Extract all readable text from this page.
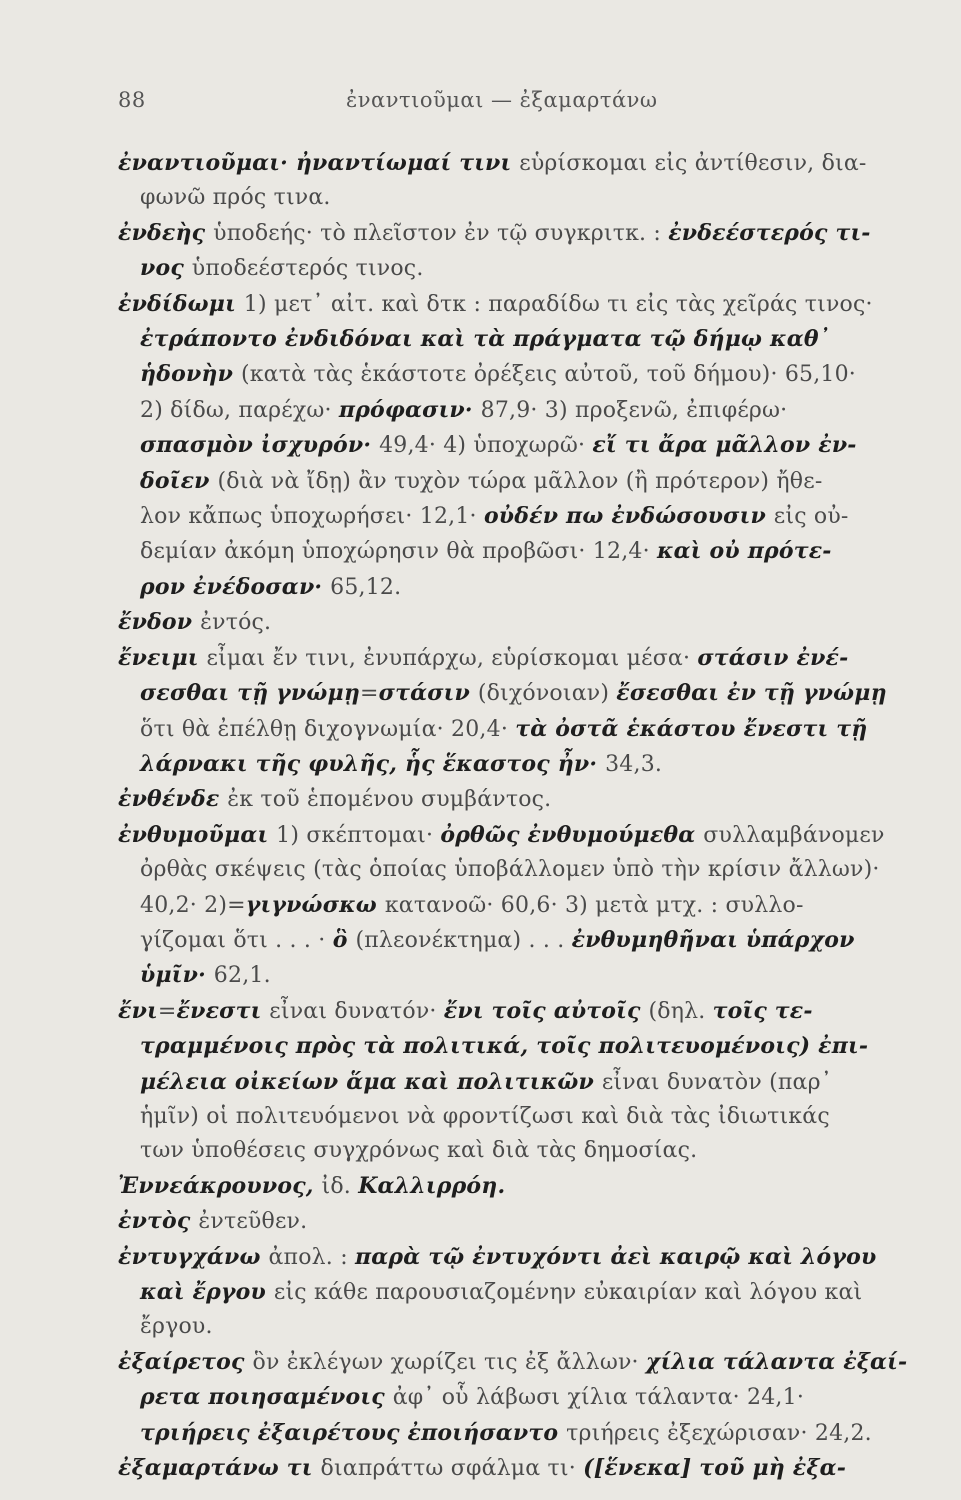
88	ἐναντιοῦμαι — ἐξαμαρτάνω
ἐναντιοῦμαι· ἠναντίωμαί τινι εὑρίσκομαι εἰς ἀντίθεσιν, δια-
φωνῶ πρός τινα.
ἐνδεὴς ὑποδεής· τὸ πλεῖστον ἐν τῷ συγκριτκ. : ἐνδεέστερός τι-
νος ὑποδεέστερός τινος.
ἐνδίδωμι 1) μετ᾽ αἰτ. καὶ δτκ : παραδίδω τι εἰς τὰς χεῖράς τινος·
ἐτράποντο ἐνδιδόναι καὶ τὰ πράγματα τῷ δήμῳ καθ᾽
ἡδονὴν (κατὰ τὰς ἑκάστοτε ὀρέξεις αὐτοῦ, τοῦ δήμου)· 65,10·
2) δίδω, παρέχω· πρόφασιν· 87,9· 3) προξενῶ, ἐπιφέρω·
σπασμὸν ἰσχυρόν· 49,4· 4) ὑποχωρῶ· εἴ τι ἄρα μᾶλλον ἐν-
δοῖεν (διὰ νὰ ἴδῃ) ἂν τυχὸν τώρα μᾶλλον (ἢ πρότερον) ἤθε-
λον κἄπως ὑποχωρήσει· 12,1· οὐδέν πω ἐνδώσουσιν εἰς οὐ-
δεμίαν ἀκόμη ὑποχώρησιν θὰ προβῶσι· 12,4· καὶ οὐ πρότε-
ρον ἐνέδοσαν· 65,12.
ἔνδον ἐντός.
ἔνειμι εἶμαι ἔν τινι, ἐνυπάρχω, εὑρίσκομαι μέσα· στάσιν ἐνέ-
σεσθαι τῇ γνώμῃ=στάσιν (διχόνοιαν) ἔσεσθαι ἐν τῇ γνώμῃ
ὅτι θὰ ἐπέλθῃ διχογνωμία· 20,4· τὰ ὀστᾶ ἑκάστου ἔνεστι τῇ
λάρνακι τῆς φυλῆς, ἧς ἕκαστος ἦν· 34,3.
ἐνθένδε ἐκ τοῦ ἑπομένου συμβάντος.
ἐνθυμοῦμαι 1) σκέπτομαι· ὀρθῶς ἐνθυμούμεθα συλλαμβάνομεν
ὀρθὰς σκέψεις (τὰς ὁποίας ὑποβάλλομεν ὑπὸ τὴν κρίσιν ἄλλων)·
40,2· 2)=γιγνώσκω κατανοῶ· 60,6· 3) μετὰ μτχ. : συλλο-
γίζομαι ὅτι . . . · ὃ (πλεονέκτημα) . . . ἐνθυμηθῆναι ὑπάρχον
ὑμῖν· 62,1.
ἔνι=ἔνεστι εἶναι δυνατόν· ἔνι τοῖς αὐτοῖς (δηλ. τοῖς τε-
τραμμένοις πρὸς τὰ πολιτικά, τοῖς πολιτευομένοις) ἐπι-
μέλεια οἰκείων ἅμα καὶ πολιτικῶν εἶναι δυνατὸν (παρ᾽
ἡμῖν) οἱ πολιτευόμενοι νὰ φροντίζωσι καὶ διὰ τὰς ἰδιωτικάς
των ὑποθέσεις συγχρόνως καὶ διὰ τὰς δημοσίας.
Ἐννεάκρουνος, ἰδ. Καλλιρρόη.
ἐντὸς ἐντεῦθεν.
ἐντυγχάνω ἀπολ. : παρὰ τῷ ἐντυχόντι ἀεὶ καιρῷ καὶ λόγου
καὶ ἔργου εἰς κάθε παρουσιαζομένην εὐκαιρίαν καὶ λόγου καὶ
ἔργου.
ἐξαίρετος ὃν ἐκλέγων χωρίζει τις ἐξ ἄλλων· χίλια τάλαντα ἐξαί-
ρετα ποιησαμένοις ἀφ᾽ οὗ λάβωσι χίλια τάλαντα· 24,1·
τριήρεις ἐξαιρέτους ἐποιήσαντο τριήρεις ἐξεχώρισαν· 24,2.
ἐξαμαρτάνω τι διαπράττω σφάλμα τι· ([ἕνεκα] τοῦ μὴ ἐξα-
